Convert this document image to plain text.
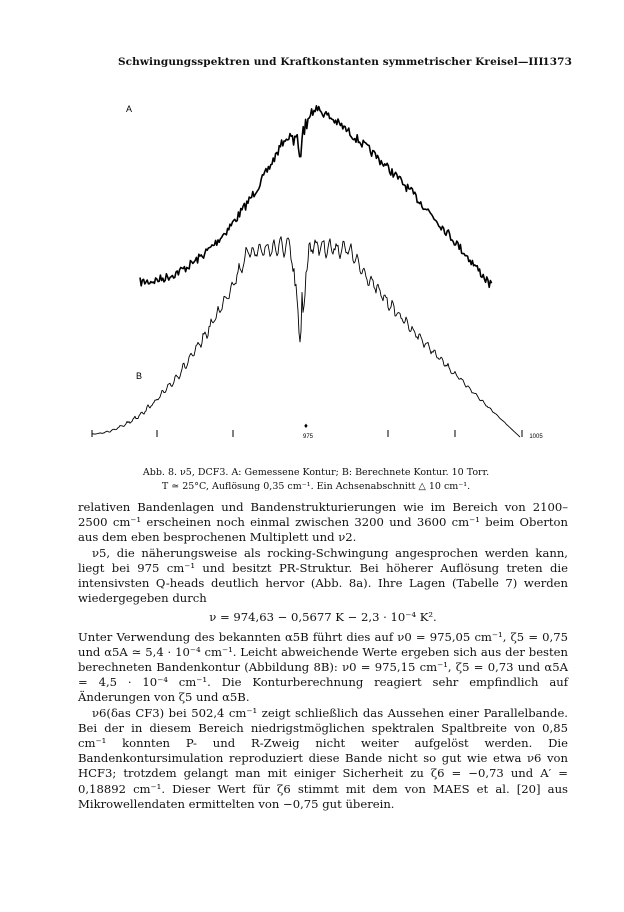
Schwingungsspektren und Kraftkonstanten symmetrischer Kreisel—III
1373
A
B
♦
975	1005
Abb. 8. ν5, DCF3. A: Gemessene Kontur; B: Berechnete Kontur. 10 Torr.
T ≃ 25°C, Auflösung 0,35 cm⁻¹. Ein Achsenabschnitt △ 10 cm⁻¹.

relativen Bandenlagen und Bandenstrukturierungen wie im Bereich von 2100–2500 cm⁻¹ erscheinen noch einmal zwischen 3200 und 3600 cm⁻¹ beim Oberton aus dem eben besprochenen Multiplett und ν2.

ν5, die näherungsweise als rocking-Schwingung angesprochen werden kann, liegt bei 975 cm⁻¹ und besitzt PR-Struktur. Bei höherer Auflösung treten die intensivsten Q-heads deutlich hervor (Abb. 8a). Ihre Lagen (Tabelle 7) werden wiedergegeben durch

ν = 974,63 − 0,5677 K − 2,3 · 10⁻⁴ K².

Unter Verwendung des bekannten α5B führt dies auf ν0 = 975,05 cm⁻¹, ζ5 = 0,75 und α5A ≃ 5,4 · 10⁻⁴ cm⁻¹. Leicht abweichende Werte ergeben sich aus der besten berechneten Bandenkontur (Abbildung 8B): ν0 = 975,15 cm⁻¹, ζ5 = 0,73 und α5A = 4,5 · 10⁻⁴ cm⁻¹. Die Konturberechnung reagiert sehr empfindlich auf Änderungen von ζ5 und α5B.

ν6(δas CF3) bei 502,4 cm⁻¹ zeigt schließlich das Aussehen einer Parallelbande. Bei der in diesem Bereich niedrigstmöglichen spektralen Spaltbreite von 0,85 cm⁻¹ konnten P- und R-Zweig nicht weiter aufgelöst werden. Die Bandenkontursimulation reproduziert diese Bande nicht so gut wie etwa ν6 von HCF3; trotzdem gelangt man mit einiger Sicherheit zu ζ6 = −0,73 und A′ = 0,18892 cm⁻¹. Dieser Wert für ζ6 stimmt mit dem von MAES et al. [20] aus Mikrowellendaten ermittelten von −0,75 gut überein.
